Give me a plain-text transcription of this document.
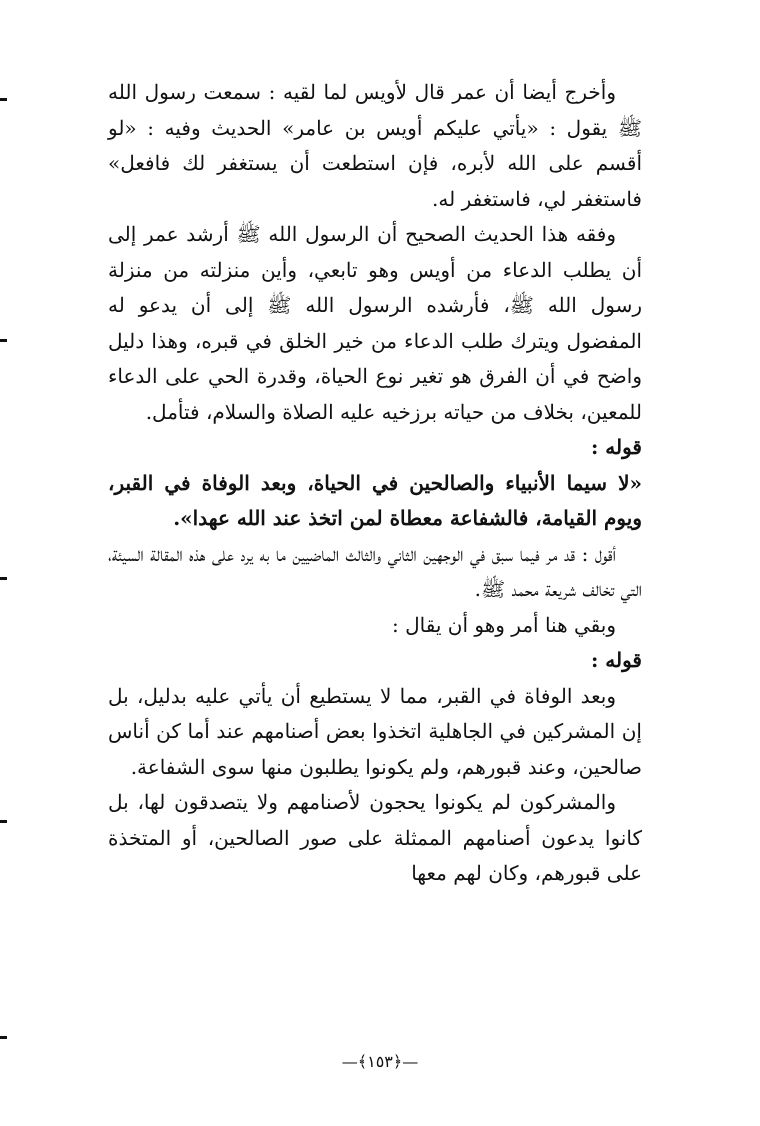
وأخرج أيضا أن عمر قال لأويس لما لقيه : سمعت رسول الله ﷺ يقول : «يأتي عليكم أويس بن عامر» الحديث وفيه : «لو أقسم على الله لأبره، فإن استطعت أن يستغفر لك فافعل» فاستغفر لي، فاستغفر له.

وفقه هذا الحديث الصحيح أن الرسول الله ﷺ أرشد عمر إلى أن يطلب الدعاء من أويس وهو تابعي، وأين منزلته من منزلة رسول الله ﷺ، فأرشده الرسول الله ﷺ إلى أن يدعو له المفضول ويترك طلب الدعاء من خير الخلق في قبره، وهذا دليل واضح في أن الفرق هو تغير نوع الحياة، وقدرة الحي على الدعاء للمعين، بخلاف من حياته برزخيه عليه الصلاة والسلام، فتأمل.

قوله :

«لا سيما الأنبياء والصالحين في الحياة، وبعد الوفاة في القبر، ويوم القيامة، فالشفاعة معطاة لمن اتخذ عند الله عهدا».

أقول : قد مر فيما سبق في الوجهين الثاني والثالث الماضيين ما به يرد على هذه المقالة السيئة، التي تخالف شريعة محمد ﷺ.

وبقي هنا أمر وهو أن يقال :

قوله :

وبعد الوفاة في القبر، مما لا يستطيع أن يأتي عليه بدليل، بل إن المشركين في الجاهلية اتخذوا بعض أصنامهم عند أما كن أناس صالحين، وعند قبورهم، ولم يكونوا يطلبون منها سوى الشفاعة.

والمشركون لم يكونوا يحجون لأصنامهم ولا يتصدقون لها، بل كانوا يدعون أصنامهم الممثلة على صور الصالحين، أو المتخذة على قبورهم، وكان لهم معها

—﴿١٥٣﴾—
